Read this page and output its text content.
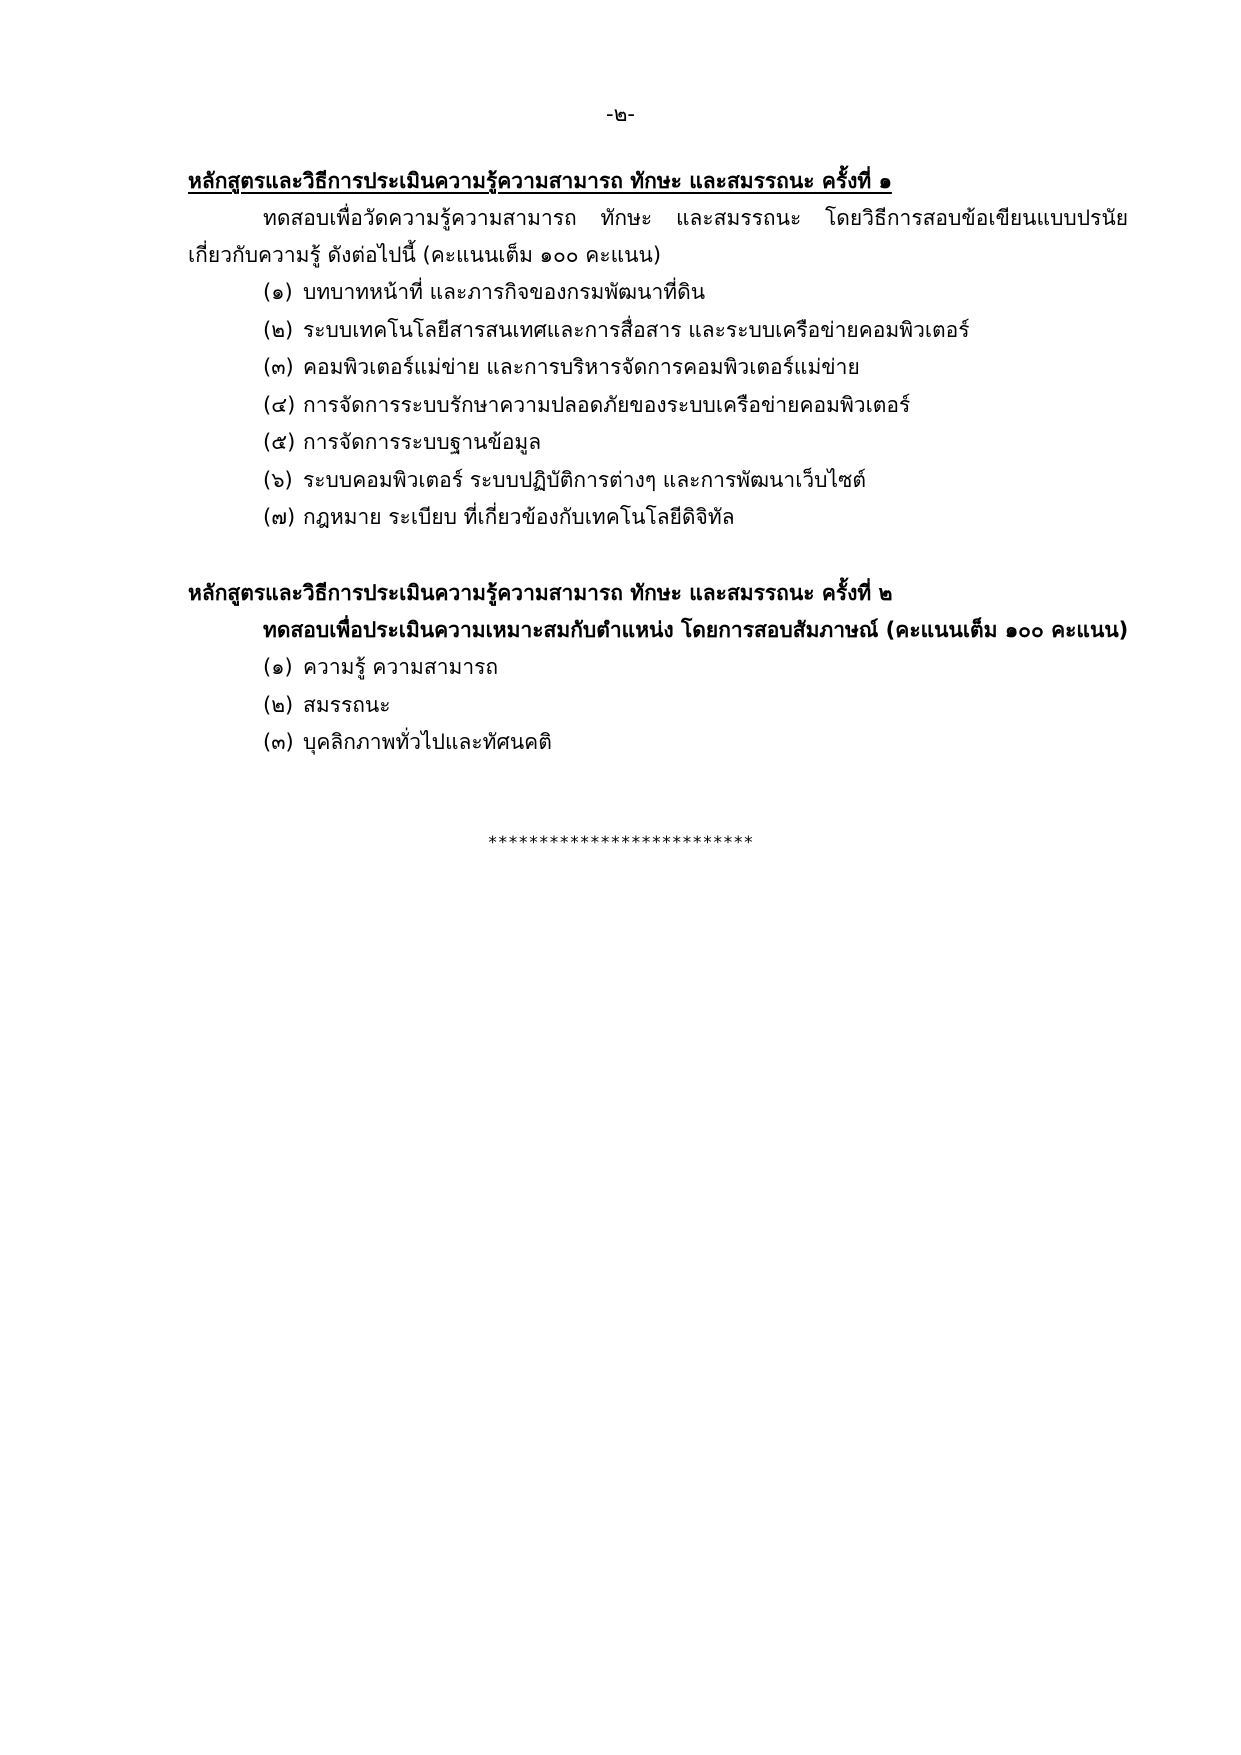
-๒-
หลักสูตรและวิธีการประเมินความรู้ความสามารถ ทักษะ และสมรรถนะ ครั้งที่ ๑
ทดสอบเพื่อวัดความรู้ความสามารถ ทักษะ และสมรรถนะ โดยวิธีการสอบข้อเขียนแบบปรนัย
เกี่ยวกับความรู้ ดังต่อไปนี้ (คะแนนเต็ม ๑๐๐ คะแนน)
(๑) บทบาทหน้าที่ และภารกิจของกรมพัฒนาที่ดิน
(๒) ระบบเทคโนโลยีสารสนเทศและการสื่อสาร และระบบเครือข่ายคอมพิวเตอร์
(๓) คอมพิวเตอร์แม่ข่าย และการบริหารจัดการคอมพิวเตอร์แม่ข่าย
(๔) การจัดการระบบรักษาความปลอดภัยของระบบเครือข่ายคอมพิวเตอร์
(๕) การจัดการระบบฐานข้อมูล
(๖) ระบบคอมพิวเตอร์ ระบบปฏิบัติการต่างๆ และการพัฒนาเว็บไซต์
(๗) กฎหมาย ระเบียบ ที่เกี่ยวข้องกับเทคโนโลยีดิจิทัล
หลักสูตรและวิธีการประเมินความรู้ความสามารถ ทักษะ และสมรรถนะ ครั้งที่ ๒
ทดสอบเพื่อประเมินความเหมาะสมกับตำแหน่ง โดยการสอบสัมภาษณ์ (คะแนนเต็ม ๑๐๐ คะแนน)
(๑) ความรู้ ความสามารถ
(๒) สมรรถนะ
(๓) บุคลิกภาพทั่วไปและทัศนคติ
**************************
